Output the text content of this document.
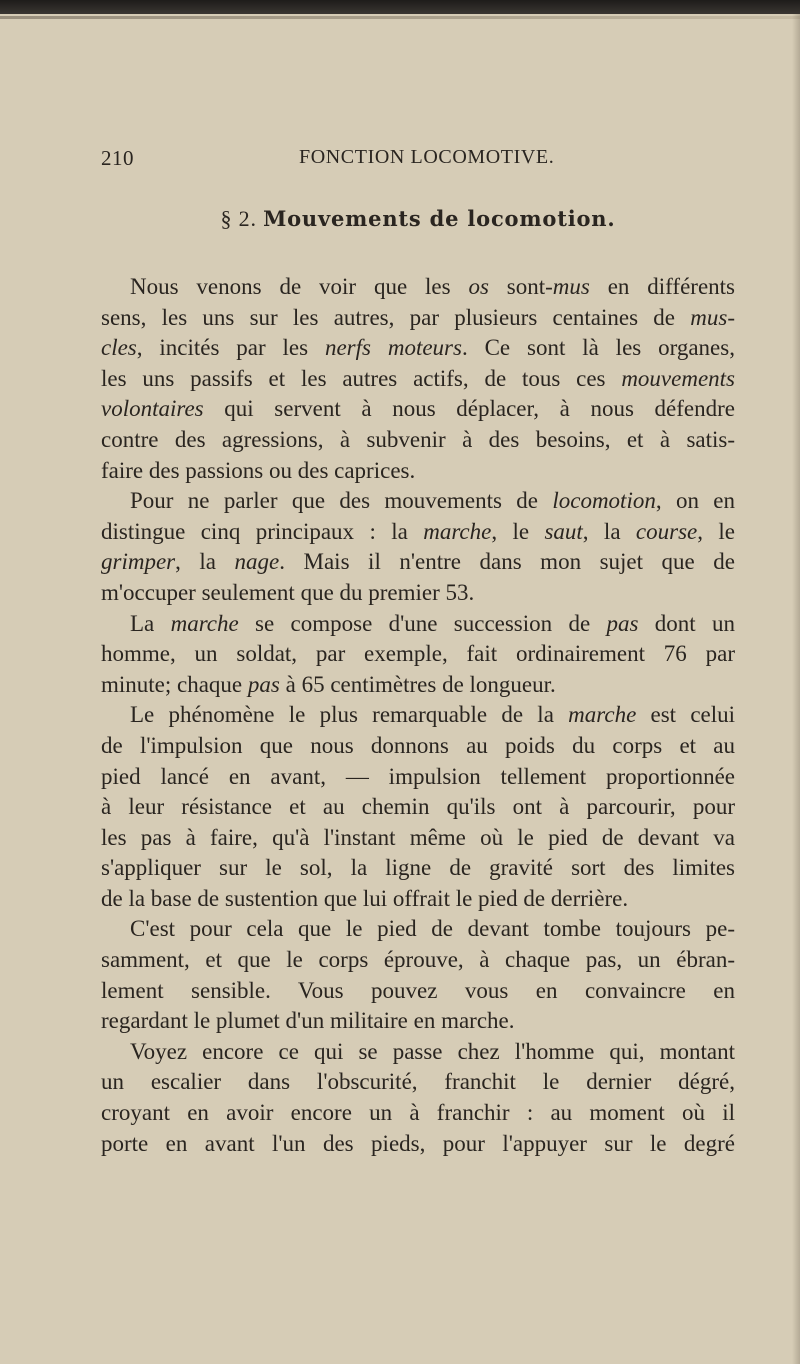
210	FONCTION LOCOMOTIVE.
§ 2. Mouvements de locomotion.
Nous venons de voir que les os sont-mus en différents
sens, les uns sur les autres, par plusieurs centaines de mus-
cles, incités par les nerfs moteurs. Ce sont là les organes,
les uns passifs et les autres actifs, de tous ces mouvements
volontaires qui servent à nous déplacer, à nous défendre
contre des agressions, à subvenir à des besoins, et à satis-
faire des passions ou des caprices.
Pour ne parler que des mouvements de locomotion, on en
distingue cinq principaux : la marche, le saut, la course, le
grimper, la nage. Mais il n'entre dans mon sujet que de
m'occuper seulement que du premier 53.
La marche se compose d'une succession de pas dont un
homme, un soldat, par exemple, fait ordinairement 76 par
minute; chaque pas à 65 centimètres de longueur.
Le phénomène le plus remarquable de la marche est celui
de l'impulsion que nous donnons au poids du corps et au
pied lancé en avant, — impulsion tellement proportionnée
à leur résistance et au chemin qu'ils ont à parcourir, pour
les pas à faire, qu'à l'instant même où le pied de devant va
s'appliquer sur le sol, la ligne de gravité sort des limites
de la base de sustention que lui offrait le pied de derrière.
C'est pour cela que le pied de devant tombe toujours pe-
samment, et que le corps éprouve, à chaque pas, un ébran-
lement sensible. Vous pouvez vous en convaincre en
regardant le plumet d'un militaire en marche.
Voyez encore ce qui se passe chez l'homme qui, montant
un escalier dans l'obscurité, franchit le dernier dégré,
croyant en avoir encore un à franchir : au moment où il
porte en avant l'un des pieds, pour l'appuyer sur le degré
